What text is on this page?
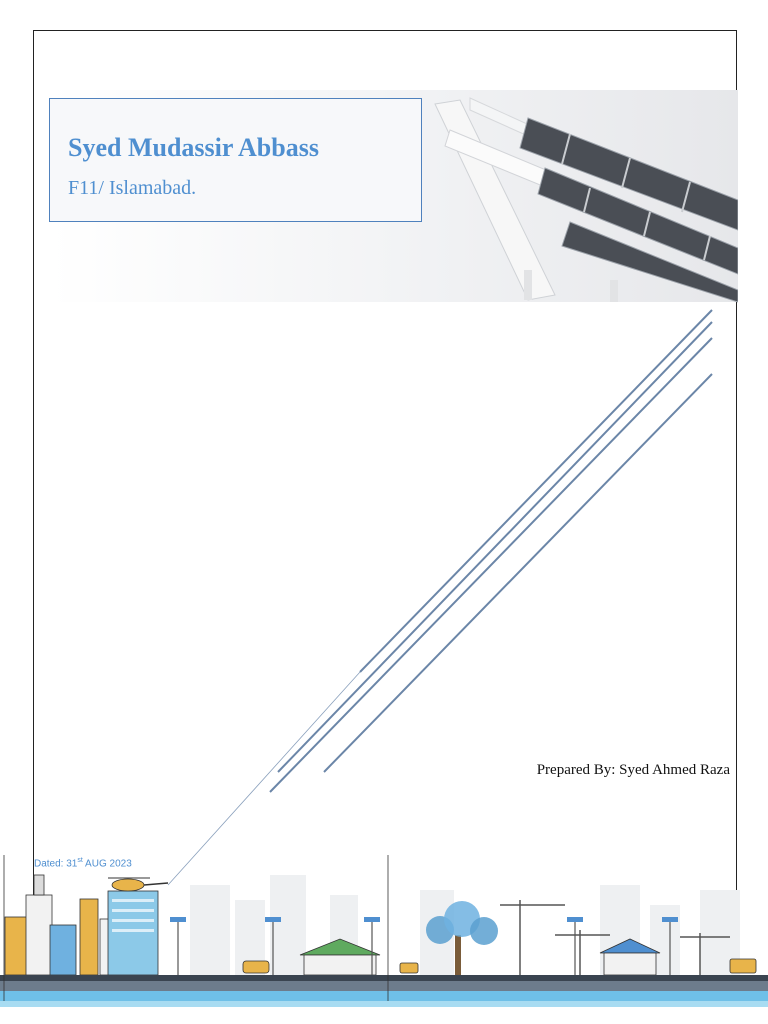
Syed Mudassir Abbass
F11/ Islamabad.
Prepared By: Syed Ahmed Raza
Dated: 31st AUG 2023
